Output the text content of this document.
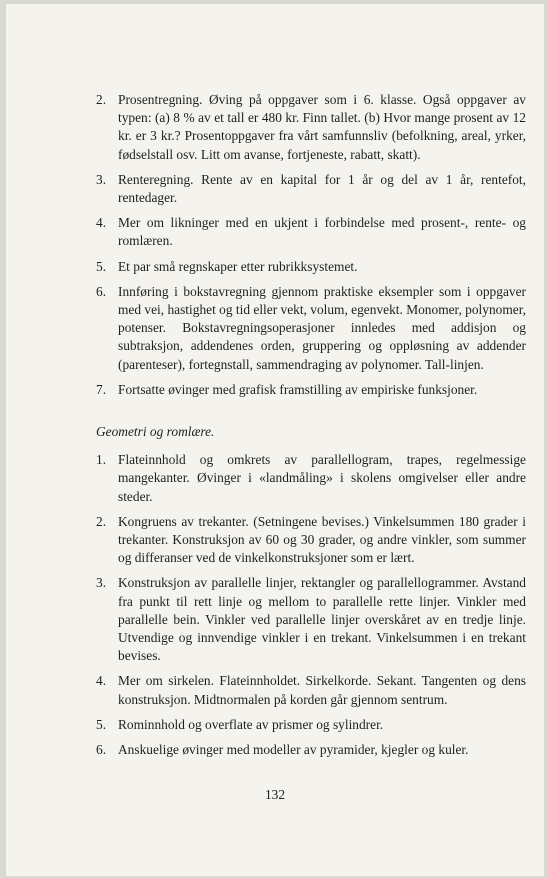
2. Prosentregning. Øving på oppgaver som i 6. klasse. Også oppgaver av typen: (a) 8 % av et tall er 480 kr. Finn tallet. (b) Hvor mange prosent av 12 kr. er 3 kr.? Prosentoppgaver fra vårt samfunnsliv (befolkning, areal, yrker, fødselstall osv. Litt om avanse, fortjeneste, rabatt, skatt).
3. Renteregning. Rente av en kapital for 1 år og del av 1 år, rentefot, rentedager.
4. Mer om likninger med en ukjent i forbindelse med prosent-, rente- og romlæren.
5. Et par små regnskaper etter rubrikksystemet.
6. Innføring i bokstavregning gjennom praktiske eksempler som i oppgaver med vei, hastighet og tid eller vekt, volum, egenvekt. Monomer, polynomer, potenser. Bokstavregningsoperasjoner innledes med addisjon og subtraksjon, addendenes orden, gruppering og oppløsning av addender (parenteser), fortegnstall, sammendraging av polynomer. Tall-linjen.
7. Fortsatte øvinger med grafisk framstilling av empiriske funksjoner.
Geometri og romlære.
1. Flateinnhold og omkrets av parallellogram, trapes, regelmessige mangekanter. Øvinger i «landmåling» i skolens omgivelser eller andre steder.
2. Kongruens av trekanter. (Setningene bevises.) Vinkelsummen 180 grader i trekanter. Konstruksjon av 60 og 30 grader, og andre vinkler, som summer og differanser ved de vinkelkonstruksjoner som er lært.
3. Konstruksjon av parallelle linjer, rektangler og parallellogrammer. Avstand fra punkt til rett linje og mellom to parallelle rette linjer. Vinkler med parallelle bein. Vinkler ved parallelle linjer overskåret av en tredje linje. Utvendige og innvendige vinkler i en trekant. Vinkelsummen i en trekant bevises.
4. Mer om sirkelen. Flateinnholdet. Sirkelkorde. Sekant. Tangenten og dens konstruksjon. Midtnormalen på korden går gjennom sentrum.
5. Rominnhold og overflate av prismer og sylindrer.
6. Anskuelige øvinger med modeller av pyramider, kjegler og kuler.
132
